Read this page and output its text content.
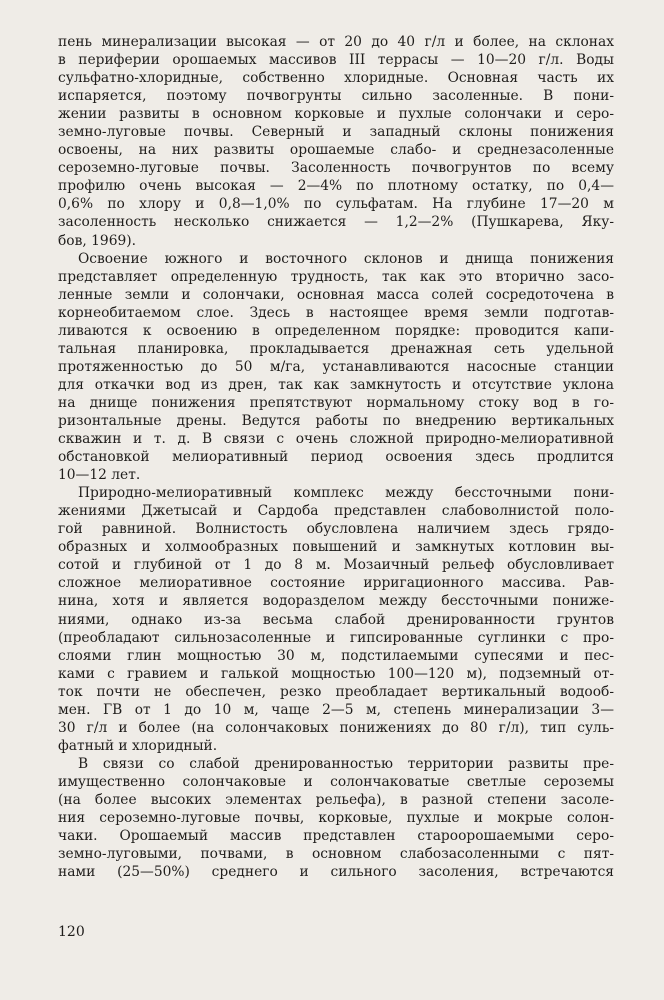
пень минерализации высокая — от 20 до 40 г/л и более, на склонах
в периферии орошаемых массивов III террасы — 10—20 г/л. Воды
сульфатно-хлоридные, собственно хлоридные. Основная часть их
испаряется, поэтому почвогрунты сильно засоленные. В пони-
жении развиты в основном корковые и пухлые солончаки и серо-
земно-луговые почвы. Северный и западный склоны понижения
освоены, на них развиты орошаемые слабо- и среднезасоленные
сероземно-луговые почвы. Засоленность почвогрунтов по всему
профилю очень высокая — 2—4% по плотному остатку, по 0,4—
0,6% по хлору и 0,8—1,0% по сульфатам. На глубине 17—20 м
засоленность несколько снижается — 1,2—2% (Пушкарева, Яку-
бов, 1969).
Освоение южного и восточного склонов и днища понижения
представляет определенную трудность, так как это вторично засо-
ленные земли и солончаки, основная масса солей сосредоточена в
корнеобитаемом слое. Здесь в настоящее время земли подготав-
ливаются к освоению в определенном порядке: проводится капи-
тальная планировка, прокладывается дренажная сеть удельной
протяженностью до 50 м/га, устанавливаются насосные станции
для откачки вод из дрен, так как замкнутость и отсутствие уклона
на днище понижения препятствуют нормальному стоку вод в го-
ризонтальные дрены. Ведутся работы по внедрению вертикальных
скважин и т. д. В связи с очень сложной природно-мелиоративной
обстановкой мелиоративный период освоения здесь продлится
10—12 лет.
Природно-мелиоративный комплекс между бессточными пони-
жениями Джетысай и Сардоба представлен слабоволнистой поло-
гой равниной. Волнистость обусловлена наличием здесь грядо-
образных и холмообразных повышений и замкнутых котловин вы-
сотой и глубиной от 1 до 8 м. Мозаичный рельеф обусловливает
сложное мелиоративное состояние ирригационного массива. Рав-
нина, хотя и является водоразделом между бессточными пониже-
ниями, однако из-за весьма слабой дренированности грунтов
(преобладают сильнозасоленные и гипсированные суглинки с про-
слоями глин мощностью 30 м, подстилаемыми супесями и пес-
ками с гравием и галькой мощностью 100—120 м), подземный от-
ток почти не обеспечен, резко преобладает вертикальный водооб-
мен. ГВ от 1 до 10 м, чаще 2—5 м, степень минерализации 3—
30 г/л и более (на солончаковых понижениях до 80 г/л), тип суль-
фатный и хлоридный.
В связи со слабой дренированностью территории развиты пре-
имущественно солончаковые и солончаковатые светлые сероземы
(на более высоких элементах рельефа), в разной степени засоле-
ния сероземно-луговые почвы, корковые, пухлые и мокрые солон-
чаки. Орошаемый массив представлен староорошаемыми серо-
земно-луговыми, почвами, в основном слабозасоленными с пят-
нами (25—50%) среднего и сильного засоления, встречаются
120
